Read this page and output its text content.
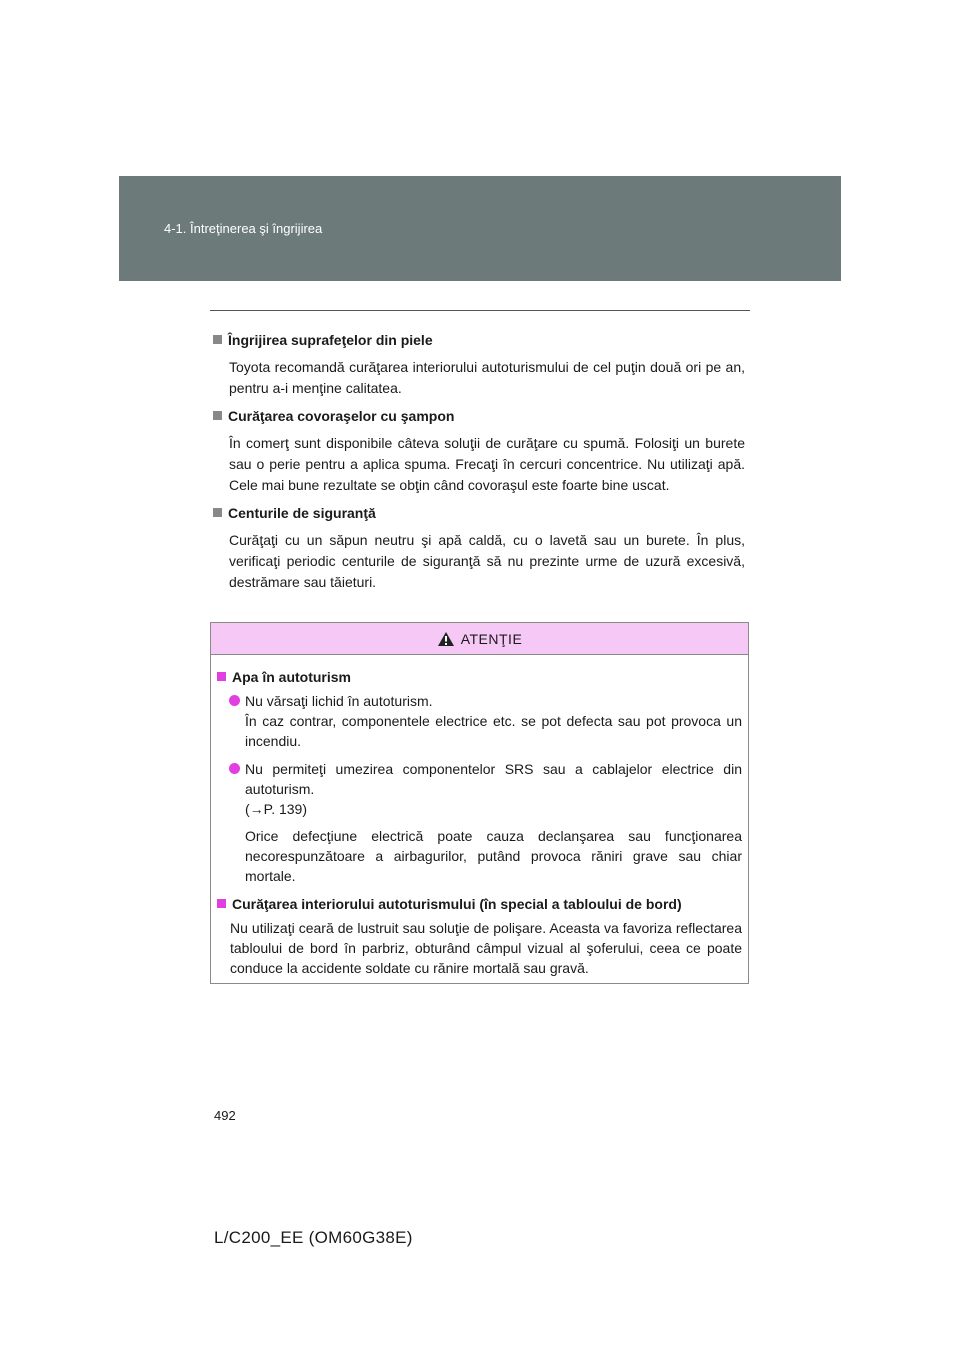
4-1. Întreţinerea şi îngrijirea
Îngrijirea suprafeţelor din piele
Toyota recomandă curăţarea interiorului autoturismului de cel puţin două ori pe an, pentru a-i menţine calitatea.
Curăţarea covoraşelor cu şampon
În comerţ sunt disponibile câteva soluţii de curăţare cu spumă. Folosiţi un burete sau o perie pentru a aplica spuma. Frecaţi în cercuri concentrice. Nu utilizaţi apă. Cele mai bune rezultate se obţin când covoraşul este foarte bine uscat.
Centurile de siguranţă
Curăţaţi cu un săpun neutru şi apă caldă, cu o lavetă sau un burete. În plus, verificaţi periodic centurile de siguranţă să nu prezinte urme de uzură excesivă, destrămare sau tăieturi.
ATENŢIE
Apa în autoturism
Nu vărsaţi lichid în autoturism.
În caz contrar, componentele electrice etc. se pot defecta sau pot provoca un incendiu.
Nu permiteţi umezirea componentelor SRS sau a cablajelor electrice din autoturism.
(→P. 139)
Orice defecţiune electrică poate cauza declanşarea sau funcţionarea necorespunzătoare a airbagurilor, putând provoca răniri grave sau chiar mortale.
Curăţarea interiorului autoturismului (în special a tabloului de bord)
Nu utilizaţi ceară de lustruit sau soluţie de polişare. Aceasta va favoriza reflectarea tabloului de bord în parbriz, obturând câmpul vizual al şoferului, ceea ce poate conduce la accidente soldate cu rănire mortală sau gravă.
492
L/C200_EE (OM60G38E)
